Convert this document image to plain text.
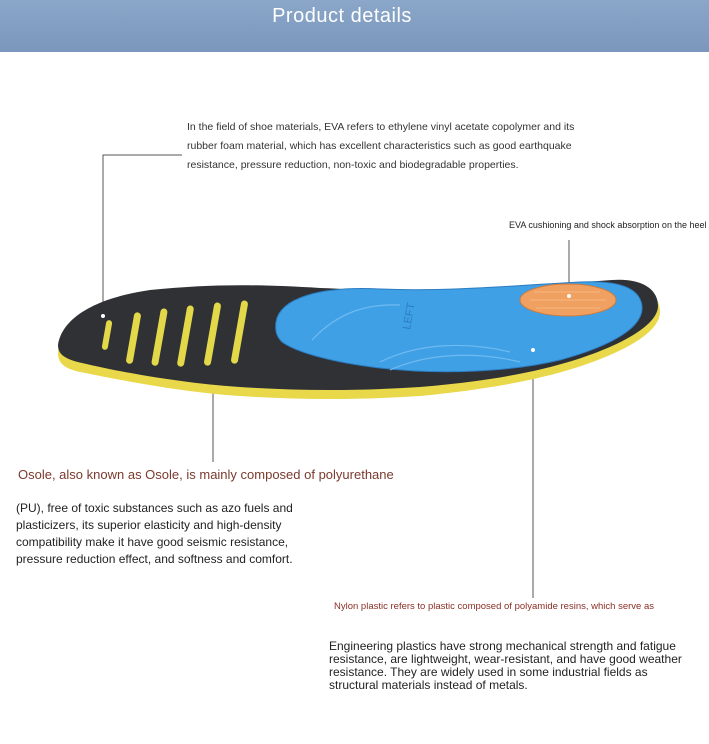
Product details

In the field of shoe materials, EVA refers to ethylene vinyl acetate copolymer and its rubber foam material, which has excellent characteristics such as good earthquake resistance, pressure reduction, non-toxic and biodegradable properties.

EVA cushioning and shock absorption on the heel

LEFT

Osole, also known as Osole, is mainly composed of polyurethane

(PU), free of toxic substances such as azo fuels and plasticizers, its superior elasticity and high-density compatibility make it have good seismic resistance, pressure reduction effect, and softness and comfort.

Nylon plastic refers to plastic composed of polyamide resins, which serve as

Engineering plastics have strong mechanical strength and fatigue resistance, are lightweight, wear-resistant, and have good weather resistance. They are widely used in some industrial fields as structural materials instead of metals.
